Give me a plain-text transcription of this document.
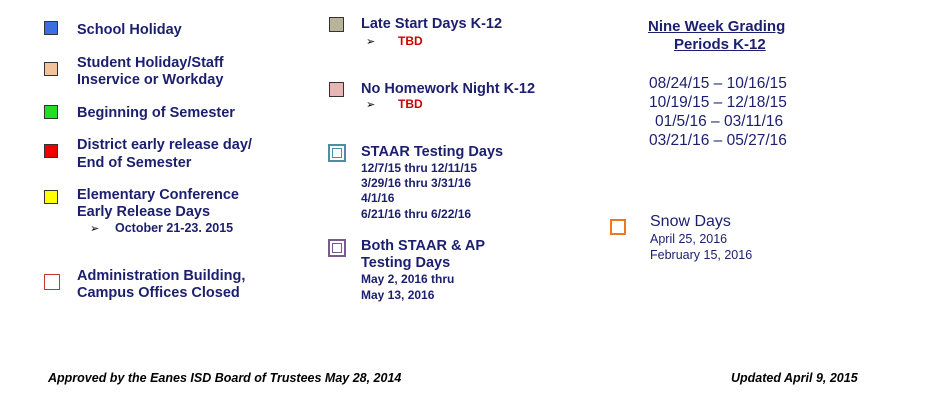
School Holiday
Student Holiday/Staff
Inservice or Workday
Beginning of Semester
District early release day/
End of Semester
Elementary Conference
Early Release Days
➢ October 21-23. 2015
Administration Building,
Campus Offices Closed
Late Start Days K-12
➢ TBD
No Homework Night K-12
➢ TBD
STAAR Testing Days
12/7/15 thru 12/11/15
3/29/16 thru 3/31/16
4/1/16
6/21/16 thru 6/22/16
Both STAAR & AP
Testing Days
May 2, 2016 thru
May 13, 2016
Nine Week Grading
Periods K-12
08/24/15 – 10/16/15
10/19/15 – 12/18/15
01/5/16 – 03/11/16
03/21/16 – 05/27/16
Snow Days
April 25, 2016
February 15, 2016
Approved by the Eanes ISD Board of Trustees May 28, 2014	Updated April 9, 2015
